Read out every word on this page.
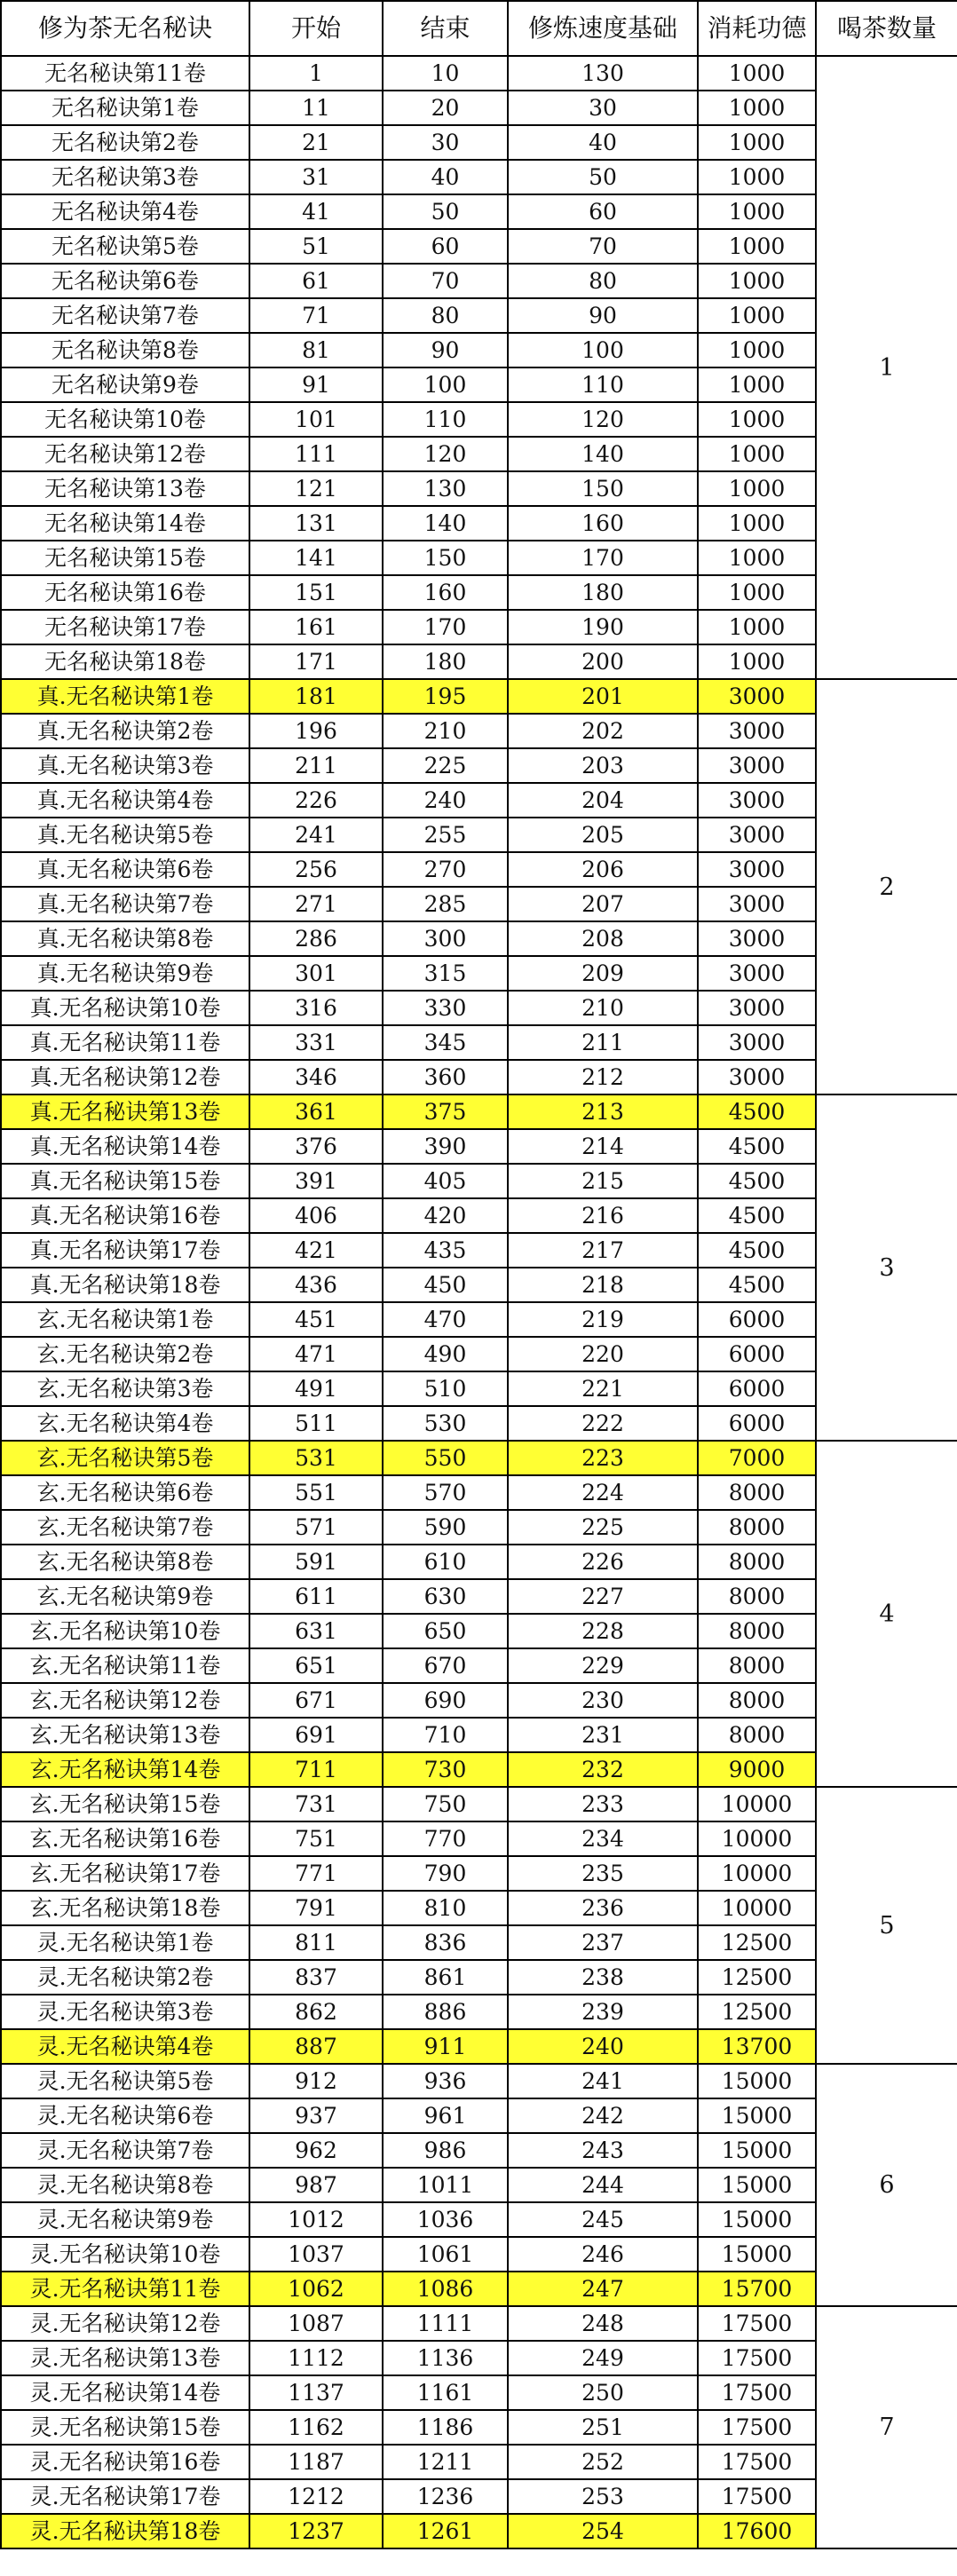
修为茶无名秘诀	开始	结束	修炼速度基础	消耗功德	喝茶数量
无名秘诀第11卷	1	10	130	1000	1
无名秘诀第1卷	11	20	30	1000	
无名秘诀第2卷	21	30	40	1000	
无名秘诀第3卷	31	40	50	1000	
无名秘诀第4卷	41	50	60	1000	
无名秘诀第5卷	51	60	70	1000	
无名秘诀第6卷	61	70	80	1000	
无名秘诀第7卷	71	80	90	1000	
无名秘诀第8卷	81	90	100	1000	
无名秘诀第9卷	91	100	110	1000	
无名秘诀第10卷	101	110	120	1000	
无名秘诀第12卷	111	120	140	1000	
无名秘诀第13卷	121	130	150	1000	
无名秘诀第14卷	131	140	160	1000	
无名秘诀第15卷	141	150	170	1000	
无名秘诀第16卷	151	160	180	1000	
无名秘诀第17卷	161	170	190	1000	
无名秘诀第18卷	171	180	200	1000	
真.无名秘诀第1卷	181	195	201	3000	2
真.无名秘诀第2卷	196	210	202	3000	
真.无名秘诀第3卷	211	225	203	3000	
真.无名秘诀第4卷	226	240	204	3000	
真.无名秘诀第5卷	241	255	205	3000	
真.无名秘诀第6卷	256	270	206	3000	
真.无名秘诀第7卷	271	285	207	3000	
真.无名秘诀第8卷	286	300	208	3000	
真.无名秘诀第9卷	301	315	209	3000	
真.无名秘诀第10卷	316	330	210	3000	
真.无名秘诀第11卷	331	345	211	3000	
真.无名秘诀第12卷	346	360	212	3000	
真.无名秘诀第13卷	361	375	213	4500	3
真.无名秘诀第14卷	376	390	214	4500	
真.无名秘诀第15卷	391	405	215	4500	
真.无名秘诀第16卷	406	420	216	4500	
真.无名秘诀第17卷	421	435	217	4500	
真.无名秘诀第18卷	436	450	218	4500	
玄.无名秘诀第1卷	451	470	219	6000	
玄.无名秘诀第2卷	471	490	220	6000	
玄.无名秘诀第3卷	491	510	221	6000	
玄.无名秘诀第4卷	511	530	222	6000	
玄.无名秘诀第5卷	531	550	223	7000	4
玄.无名秘诀第6卷	551	570	224	8000	
玄.无名秘诀第7卷	571	590	225	8000	
玄.无名秘诀第8卷	591	610	226	8000	
玄.无名秘诀第9卷	611	630	227	8000	
玄.无名秘诀第10卷	631	650	228	8000	
玄.无名秘诀第11卷	651	670	229	8000	
玄.无名秘诀第12卷	671	690	230	8000	
玄.无名秘诀第13卷	691	710	231	8000	
玄.无名秘诀第14卷	711	730	232	9000	
玄.无名秘诀第15卷	731	750	233	10000	5
玄.无名秘诀第16卷	751	770	234	10000	
玄.无名秘诀第17卷	771	790	235	10000	
玄.无名秘诀第18卷	791	810	236	10000	
灵.无名秘诀第1卷	811	836	237	12500	
灵.无名秘诀第2卷	837	861	238	12500	
灵.无名秘诀第3卷	862	886	239	12500	
灵.无名秘诀第4卷	887	911	240	13700	
灵.无名秘诀第5卷	912	936	241	15000	6
灵.无名秘诀第6卷	937	961	242	15000	
灵.无名秘诀第7卷	962	986	243	15000	
灵.无名秘诀第8卷	987	1011	244	15000	
灵.无名秘诀第9卷	1012	1036	245	15000	
灵.无名秘诀第10卷	1037	1061	246	15000	
灵.无名秘诀第11卷	1062	1086	247	15700	
灵.无名秘诀第12卷	1087	1111	248	17500	7
灵.无名秘诀第13卷	1112	1136	249	17500	
灵.无名秘诀第14卷	1137	1161	250	17500	
灵.无名秘诀第15卷	1162	1186	251	17500	
灵.无名秘诀第16卷	1187	1211	252	17500	
灵.无名秘诀第17卷	1212	1236	253	17500	
灵.无名秘诀第18卷	1237	1261	254	17600	
